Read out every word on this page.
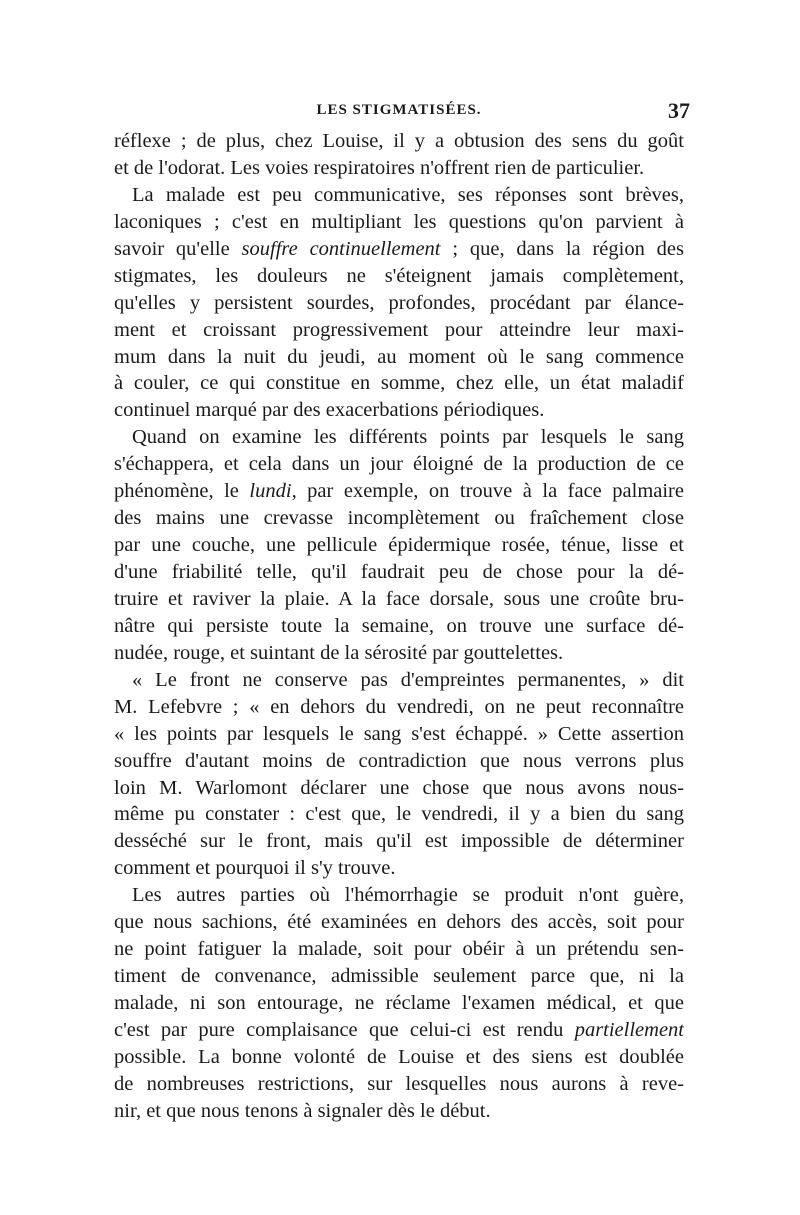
LES STIGMATISÉES.	37
réflexe ; de plus, chez Louise, il y a obtusion des sens du goût
et de l'odorat. Les voies respiratoires n'offrent rien de particulier.
La malade est peu communicative, ses réponses sont brèves,
laconiques ; c'est en multipliant les questions qu'on parvient à
savoir qu'elle souffre continuellement ; que, dans la région des
stigmates, les douleurs ne s'éteignent jamais complètement,
qu'elles y persistent sourdes, profondes, procédant par élance-
ment et croissant progressivement pour atteindre leur maxi-
mum dans la nuit du jeudi, au moment où le sang commence
à couler, ce qui constitue en somme, chez elle, un état maladif
continuel marqué par des exacerbations périodiques.
Quand on examine les différents points par lesquels le sang
s'échappera, et cela dans un jour éloigné de la production de ce
phénomène, le lundi, par exemple, on trouve à la face palmaire
des mains une crevasse incomplètement ou fraîchement close
par une couche, une pellicule épidermique rosée, ténue, lisse et
d'une friabilité telle, qu'il faudrait peu de chose pour la dé-
truire et raviver la plaie. A la face dorsale, sous une croûte bru-
nâtre qui persiste toute la semaine, on trouve une surface dé-
nudée, rouge, et suintant de la sérosité par gouttelettes.
« Le front ne conserve pas d'empreintes permanentes, » dit
M. Lefebvre ; « en dehors du vendredi, on ne peut reconnaître
« les points par lesquels le sang s'est échappé. » Cette assertion
souffre d'autant moins de contradiction que nous verrons plus
loin M. Warlomont déclarer une chose que nous avons nous-
même pu constater : c'est que, le vendredi, il y a bien du sang
desséché sur le front, mais qu'il est impossible de déterminer
comment et pourquoi il s'y trouve.
Les autres parties où l'hémorrhagie se produit n'ont guère,
que nous sachions, été examinées en dehors des accès, soit pour
ne point fatiguer la malade, soit pour obéir à un prétendu sen-
timent de convenance, admissible seulement parce que, ni la
malade, ni son entourage, ne réclame l'examen médical, et que
c'est par pure complaisance que celui-ci est rendu partiellement
possible. La bonne volonté de Louise et des siens est doublée
de nombreuses restrictions, sur lesquelles nous aurons à reve-
nir, et que nous tenons à signaler dès le début.
